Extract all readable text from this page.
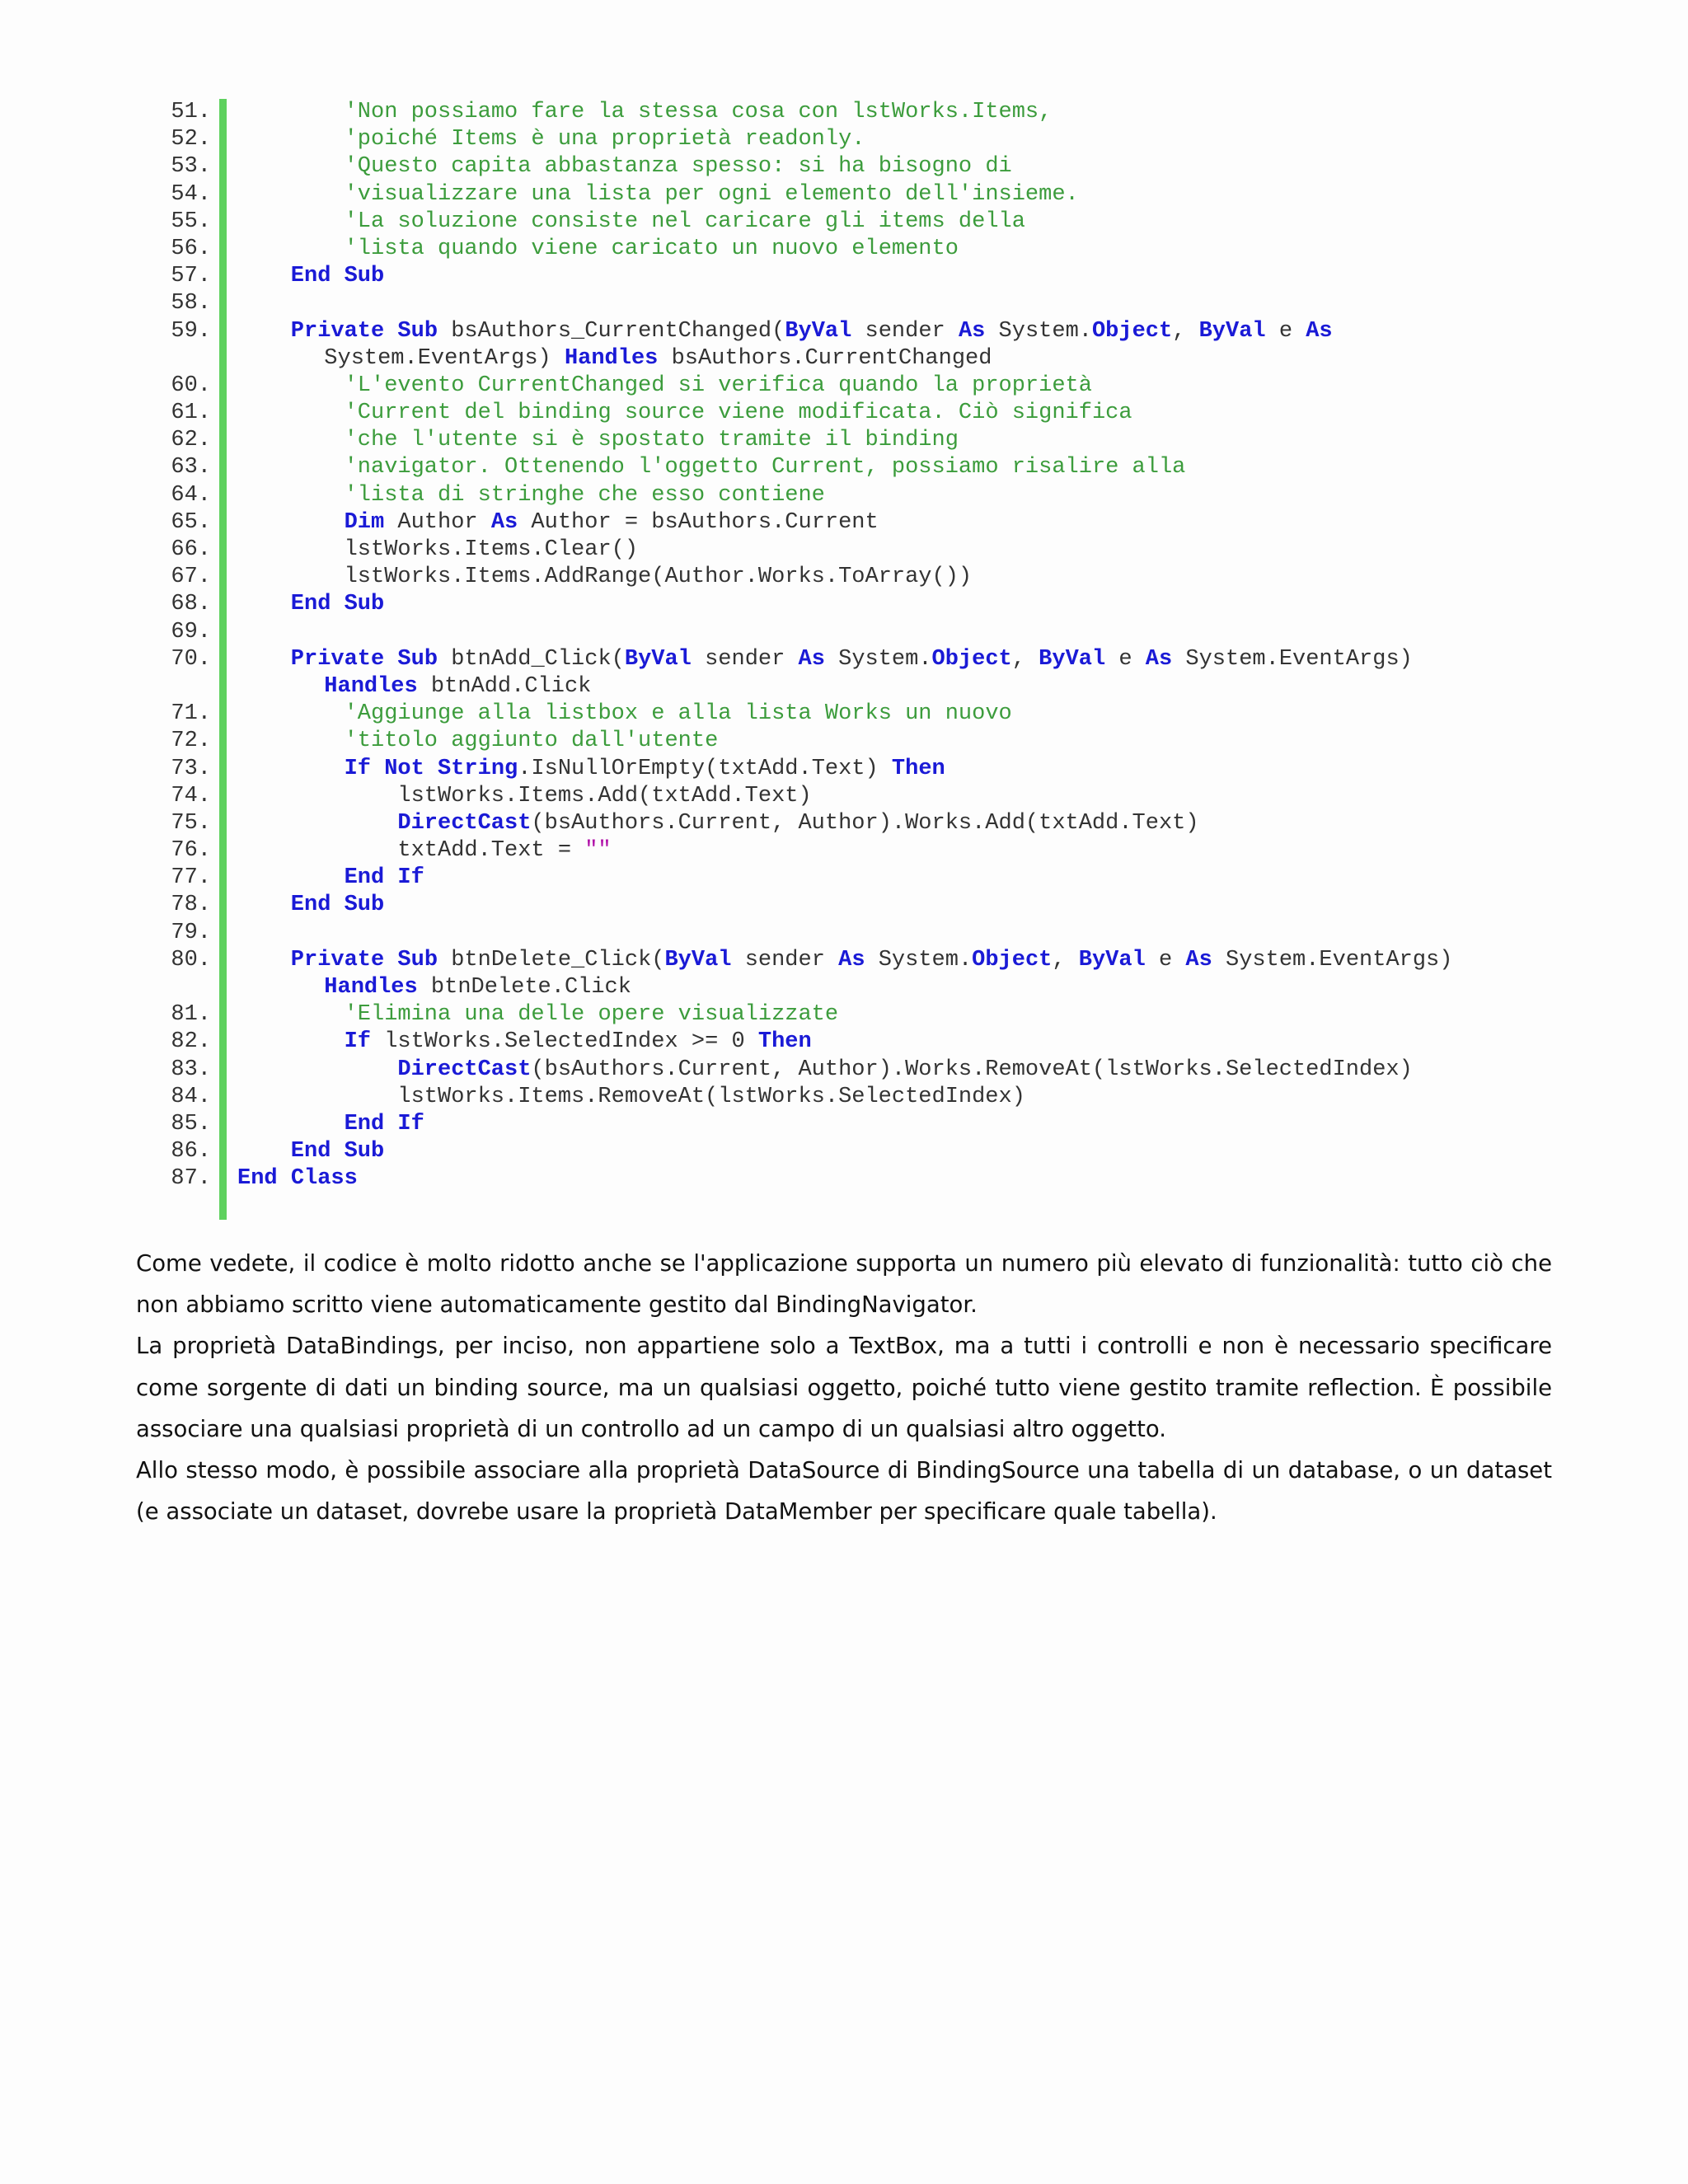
51.	'Non possiamo fare la stessa cosa con lstWorks.Items,
52.	'poiché Items è una proprietà readonly.
53.	'Questo capita abbastanza spesso: si ha bisogno di
54.	'visualizzare una lista per ogni elemento dell'insieme.
55.	'La soluzione consiste nel caricare gli items della
56.	'lista quando viene caricato un nuovo elemento
57.	End Sub
58.
59.	Private Sub bsAuthors_CurrentChanged(ByVal sender As System.Object, ByVal e As
System.EventArgs) Handles bsAuthors.CurrentChanged
60.	'L'evento CurrentChanged si verifica quando la proprietà
61.	'Current del binding source viene modificata. Ciò significa
62.	'che l'utente si è spostato tramite il binding
63.	'navigator. Ottenendo l'oggetto Current, possiamo risalire alla
64.	'lista di stringhe che esso contiene
65.	Dim Author As Author = bsAuthors.Current
66.	lstWorks.Items.Clear()
67.	lstWorks.Items.AddRange(Author.Works.ToArray())
68.	End Sub
69.
70.	Private Sub btnAdd_Click(ByVal sender As System.Object, ByVal e As System.EventArgs)
Handles btnAdd.Click
71.	'Aggiunge alla listbox e alla lista Works un nuovo
72.	'titolo aggiunto dall'utente
73.	If Not String.IsNullOrEmpty(txtAdd.Text) Then
74.	lstWorks.Items.Add(txtAdd.Text)
75.	DirectCast(bsAuthors.Current, Author).Works.Add(txtAdd.Text)
76.	txtAdd.Text = ""
77.	End If
78.	End Sub
79.
80.	Private Sub btnDelete_Click(ByVal sender As System.Object, ByVal e As System.EventArgs)
Handles btnDelete.Click
81.	'Elimina una delle opere visualizzate
82.	If lstWorks.SelectedIndex >= 0 Then
83.	DirectCast(bsAuthors.Current, Author).Works.RemoveAt(lstWorks.SelectedIndex)
84.	lstWorks.Items.RemoveAt(lstWorks.SelectedIndex)
85.	End If
86.	End Sub
87. End Class

Come vedete, il codice è molto ridotto anche se l'applicazione supporta un numero più elevato di funzionalità: tutto ciò che non abbiamo scritto viene automaticamente gestito dal BindingNavigator.

La proprietà DataBindings, per inciso, non appartiene solo a TextBox, ma a tutti i controlli e non è necessario specificare come sorgente di dati un binding source, ma un qualsiasi oggetto, poiché tutto viene gestito tramite reflection. È possibile associare una qualsiasi proprietà di un controllo ad un campo di un qualsiasi altro oggetto.

Allo stesso modo, è possibile associare alla proprietà DataSource di BindingSource una tabella di un database, o un dataset (e associate un dataset, dovrebe usare la proprietà DataMember per specificare quale tabella).
